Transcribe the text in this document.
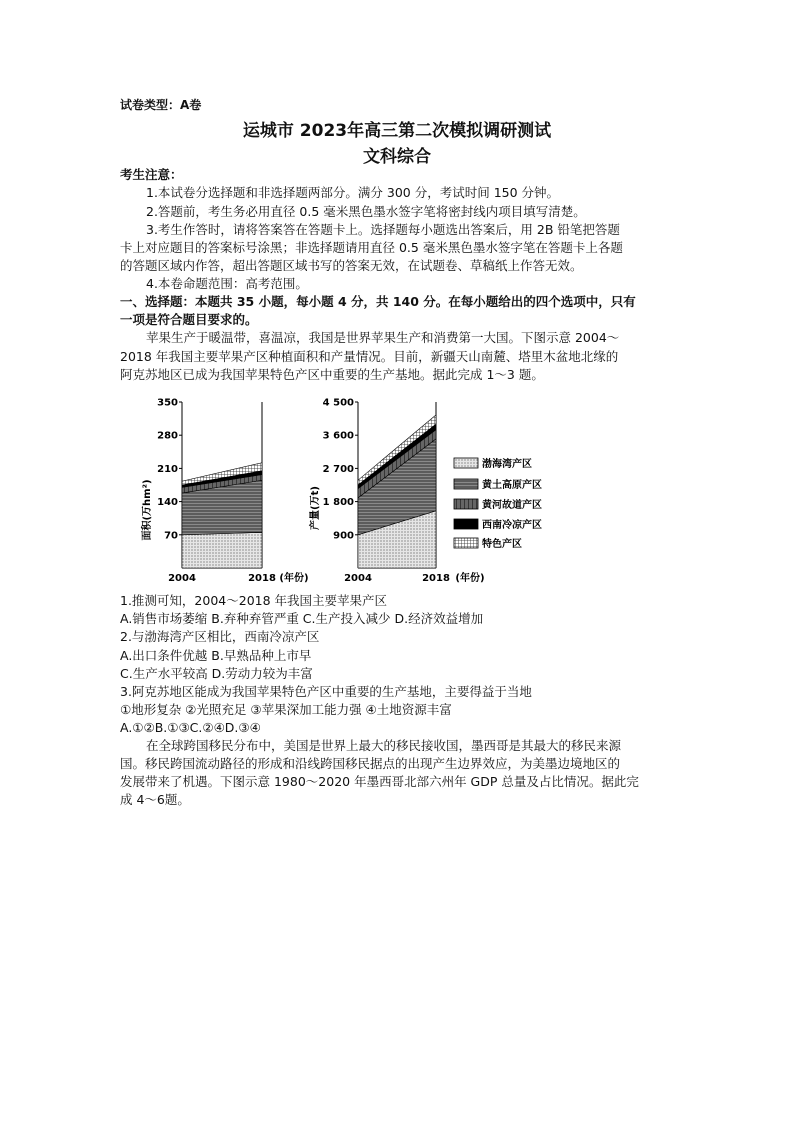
试卷类型：A卷
运城市 2023年高三第二次模拟调研测试
文科综合
考生注意：
1.本试卷分选择题和非选择题两部分。满分 300 分，考试时间 150 分钟。
2.答题前，考生务必用直径 0.5 毫米黑色墨水签字笔将密封线内项目填写清楚。
3.考生作答时，请将答案答在答题卡上。选择题每小题选出答案后，用 2B 铅笔把答题
卡上对应题目的答案标号涂黑；非选择题请用直径 0.5 毫米黑色墨水签字笔在答题卡上各题
的答题区域内作答，超出答题区域书写的答案无效，在试题卷、草稿纸上作答无效。
4.本卷命题范围：高考范围。
一、选择题：本题共 35 小题，每小题 4 分，共 140 分。在每小题给出的四个选项中，只有
一项是符合题目要求的。
苹果生产于暖温带，喜温凉，我国是世界苹果生产和消费第一大国。下图示意 2004～
2018 年我国主要苹果产区种植面积和产量情况。目前，新疆天山南麓、塔里木盆地北缘的
阿克苏地区已成为我国苹果特色产区中重要的生产基地。据此完成 1～3 题。
70
140
210
280
350
面积(万hm²)
2004	2018 (年份)
900
1 800
2 700
3 600
4 500
产量(万t)
2004	2018 (年份)
渤海湾产区
黄土高原产区
黄河故道产区
西南冷凉产区
特色产区
1.推测可知，2004～2018 年我国主要苹果产区
A.销售市场萎缩 B.弃种弃管严重 C.生产投入减少 D.经济效益增加
2.与渤海湾产区相比，西南冷凉产区
A.出口条件优越 B.早熟品种上市早
C.生产水平较高 D.劳动力较为丰富
3.阿克苏地区能成为我国苹果特色产区中重要的生产基地，主要得益于当地
①地形复杂 ②光照充足 ③苹果深加工能力强 ④土地资源丰富
A.①②B.①③C.②④D.③④
在全球跨国移民分布中，美国是世界上最大的移民接收国，墨西哥是其最大的移民来源
国。移民跨国流动路径的形成和沿线跨国移民据点的出现产生边界效应，为美墨边境地区的
发展带来了机遇。下图示意 1980～2020 年墨西哥北部六州年 GDP 总量及占比情况。据此完
成 4～6题。
